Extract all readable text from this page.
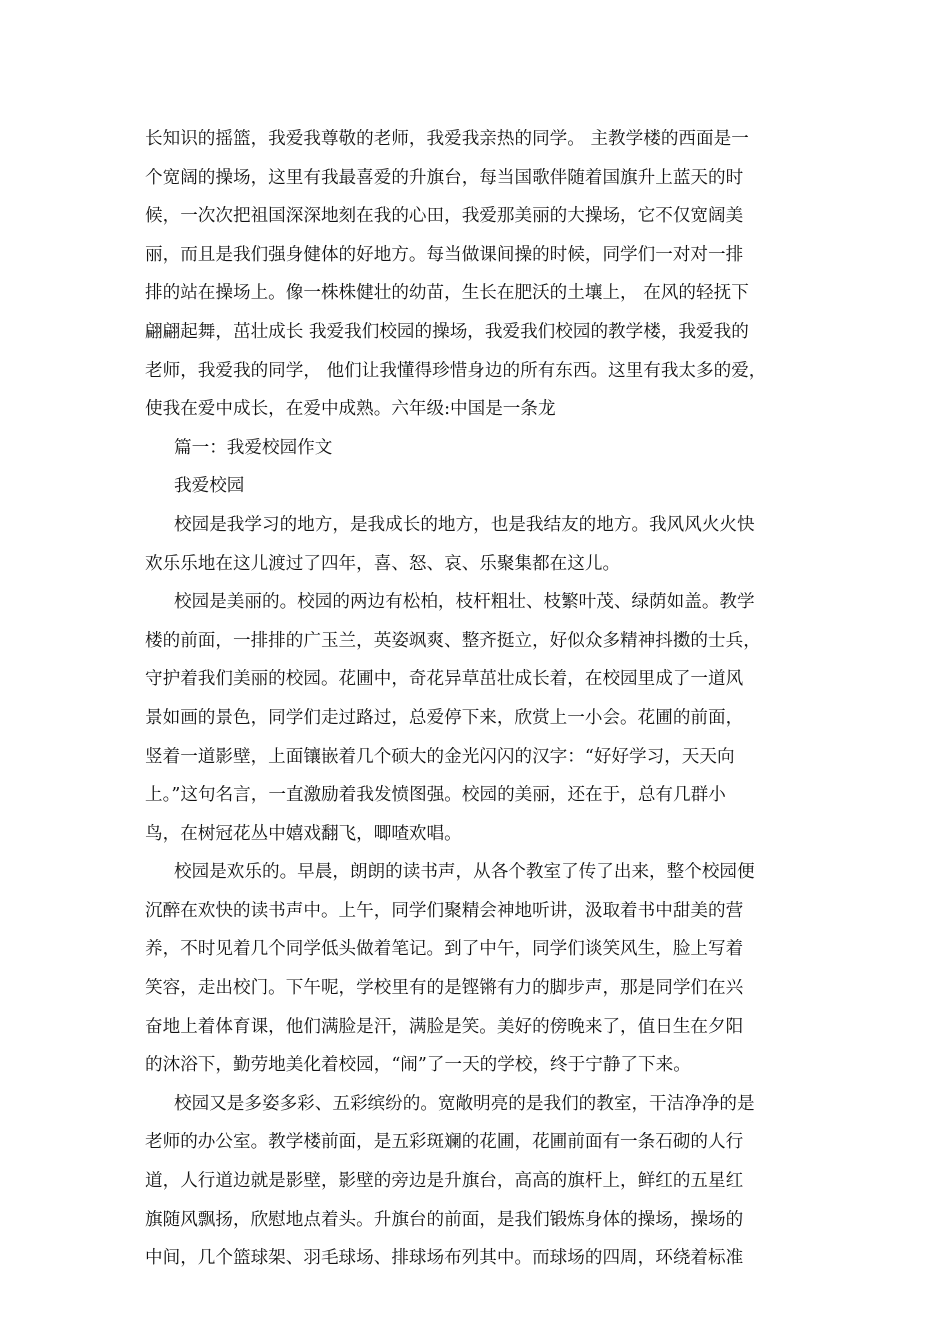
长知识的摇篮，我爱我尊敬的老师，我爱我亲热的同学。 主教学楼的西面是一
个宽阔的操场，这里有我最喜爱的升旗台，每当国歌伴随着国旗升上蓝天的时
候，一次次把祖国深深地刻在我的心田，我爱那美丽的大操场，它不仅宽阔美
丽，而且是我们强身健体的好地方。每当做课间操的时候，同学们一对对一排
排的站在操场上。像一株株健壮的幼苗，生长在肥沃的土壤上， 在风的轻抚下
翩翩起舞，茁壮成长 我爱我们校园的操场，我爱我们校园的教学楼，我爱我的
老师，我爱我的同学， 他们让我懂得珍惜身边的所有东西。这里有我太多的爱，
使我在爱中成长，在爱中成熟。六年级:中国是一条龙
篇一：我爱校园作文
我爱校园
校园是我学习的地方，是我成长的地方，也是我结友的地方。我风风火火快
欢乐乐地在这儿渡过了四年，喜、怒、哀、乐聚集都在这儿。
校园是美丽的。校园的两边有松柏，枝杆粗壮、枝繁叶茂、绿荫如盖。教学
楼的前面，一排排的广玉兰，英姿飒爽、整齐挺立，好似众多精神抖擞的士兵，
守护着我们美丽的校园。花圃中，奇花异草茁壮成长着，在校园里成了一道风
景如画的景色，同学们走过路过，总爱停下来，欣赏上一小会。花圃的前面，
竖着一道影壁，上面镶嵌着几个硕大的金光闪闪的汉字：“好好学习，天天向
上。”这句名言，一直激励着我发愤图强。校园的美丽，还在于，总有几群小
鸟，在树冠花丛中嬉戏翻飞，唧喳欢唱。
校园是欢乐的。早晨，朗朗的读书声，从各个教室了传了出来，整个校园便
沉醉在欢快的读书声中。上午，同学们聚精会神地听讲，汲取着书中甜美的营
养，不时见着几个同学低头做着笔记。到了中午，同学们谈笑风生，脸上写着
笑容，走出校门。下午呢，学校里有的是铿锵有力的脚步声，那是同学们在兴
奋地上着体育课，他们满脸是汗，满脸是笑。美好的傍晚来了，值日生在夕阳
的沐浴下，勤劳地美化着校园，“闹”了一天的学校，终于宁静了下来。
校园又是多姿多彩、五彩缤纷的。宽敞明亮的是我们的教室，干洁净净的是
老师的办公室。教学楼前面，是五彩斑斓的花圃，花圃前面有一条石砌的人行
道，人行道边就是影壁，影壁的旁边是升旗台，高高的旗杆上，鲜红的五星红
旗随风飘扬，欣慰地点着头。升旗台的前面，是我们锻炼身体的操场，操场的
中间，几个篮球架、羽毛球场、排球场布列其中。而球场的四周，环绕着标准
